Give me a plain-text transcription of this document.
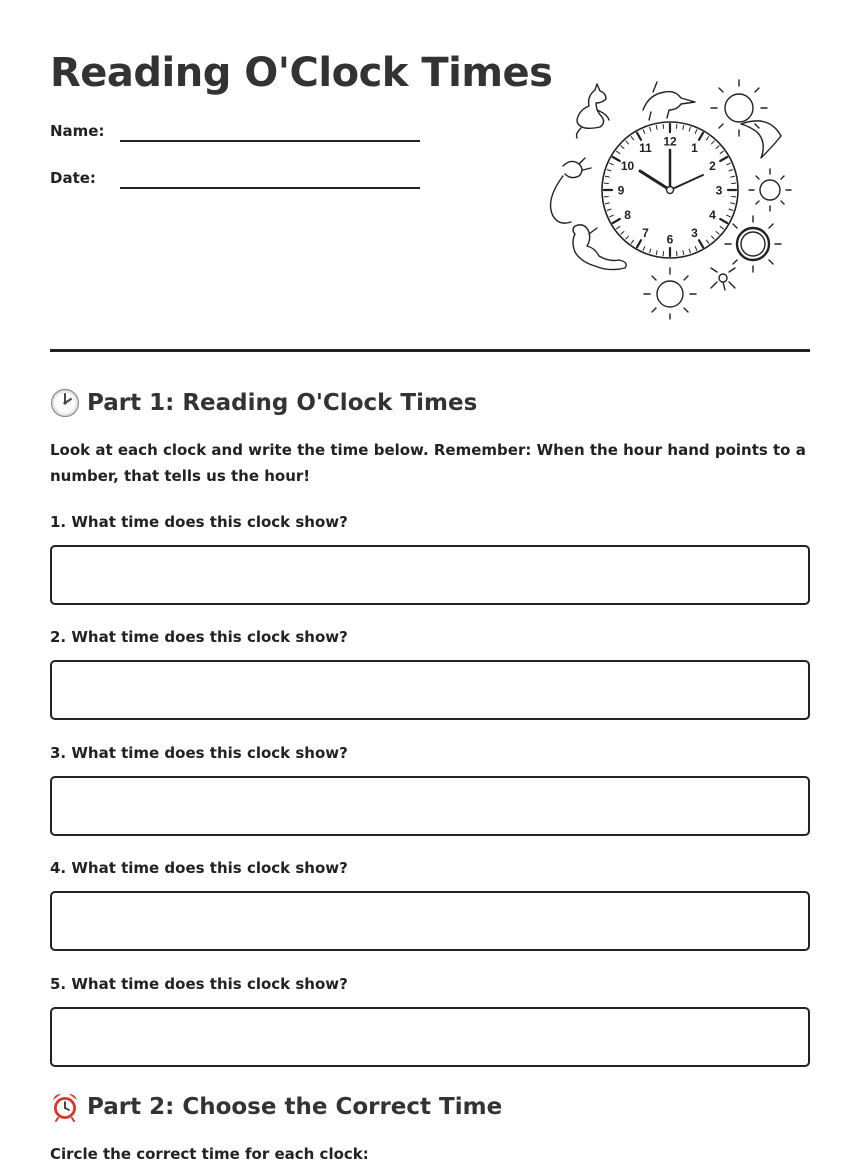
Reading O'Clock Times
Name:
Date:
12 1
2
3
4
3
6
7
8
9
10
11
Part 1: Reading O'Clock Times

Look at each clock and write the time below. Remember: When the hour hand points to a number, that tells us the hour!

1. What time does this clock show?
2. What time does this clock show?
3. What time does this clock show?
4. What time does this clock show?
5. What time does this clock show?
Part 2: Choose the Correct Time

Circle the correct time for each clock:
